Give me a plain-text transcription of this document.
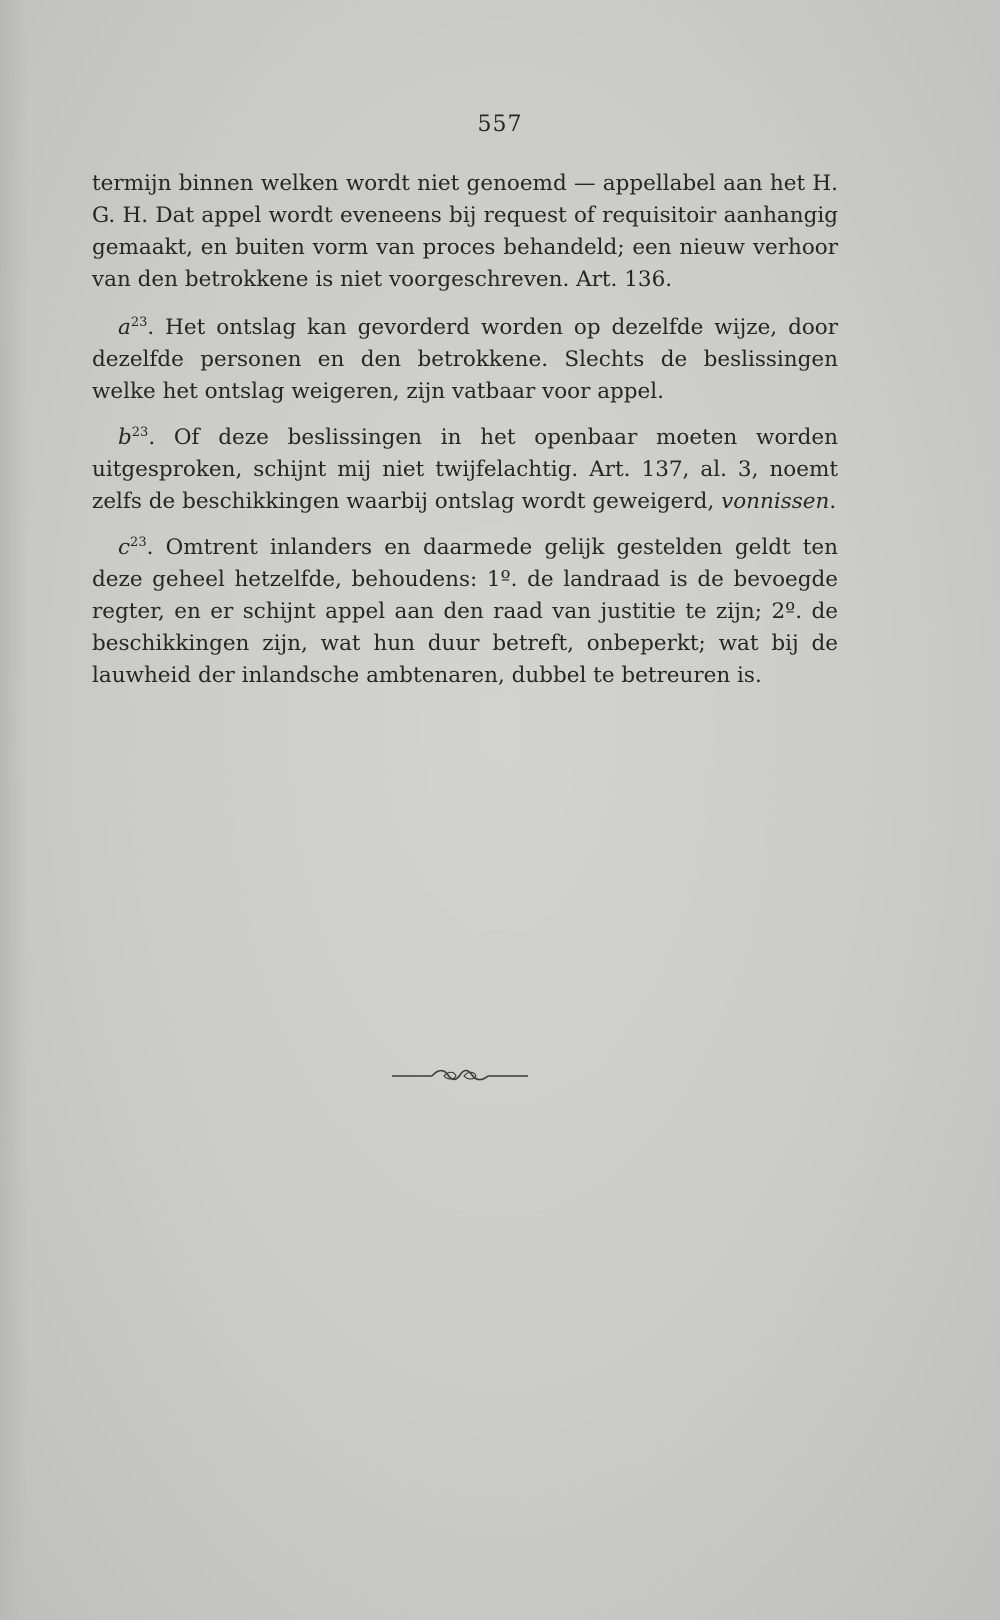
557

termijn binnen welken wordt niet genoemd — appellabel aan het H. G. H. Dat appel wordt eveneens bij request of requisitoir aanhangig gemaakt, en buiten vorm van proces behandeld; een nieuw verhoor van den betrokkene is niet voorgeschreven. Art. 136.

$a^{23}$. Het ontslag kan gevorderd worden op dezelfde wijze, door dezelfde personen en den betrokkene. Slechts de beslissingen welke het ontslag weigeren, zijn vatbaar voor appel.

$b^{23}$. Of deze beslissingen in het openbaar moeten worden uitgesproken, schijnt mij niet twijfelachtig. Art. 137, al. 3, noemt zelfs de beschikkingen waarbij ontslag wordt geweigerd, vonnissen.

$c^{23}$. Omtrent inlanders en daarmede gelijk gestelden geldt ten deze geheel hetzelfde, behoudens: 1º. de landraad is de bevoegde regter, en er schijnt appel aan den raad van justitie te zijn; 2º. de beschikkingen zijn, wat hun duur betreft, onbeperkt; wat bij de lauwheid der inlandsche ambtenaren, dubbel te betreuren is.
